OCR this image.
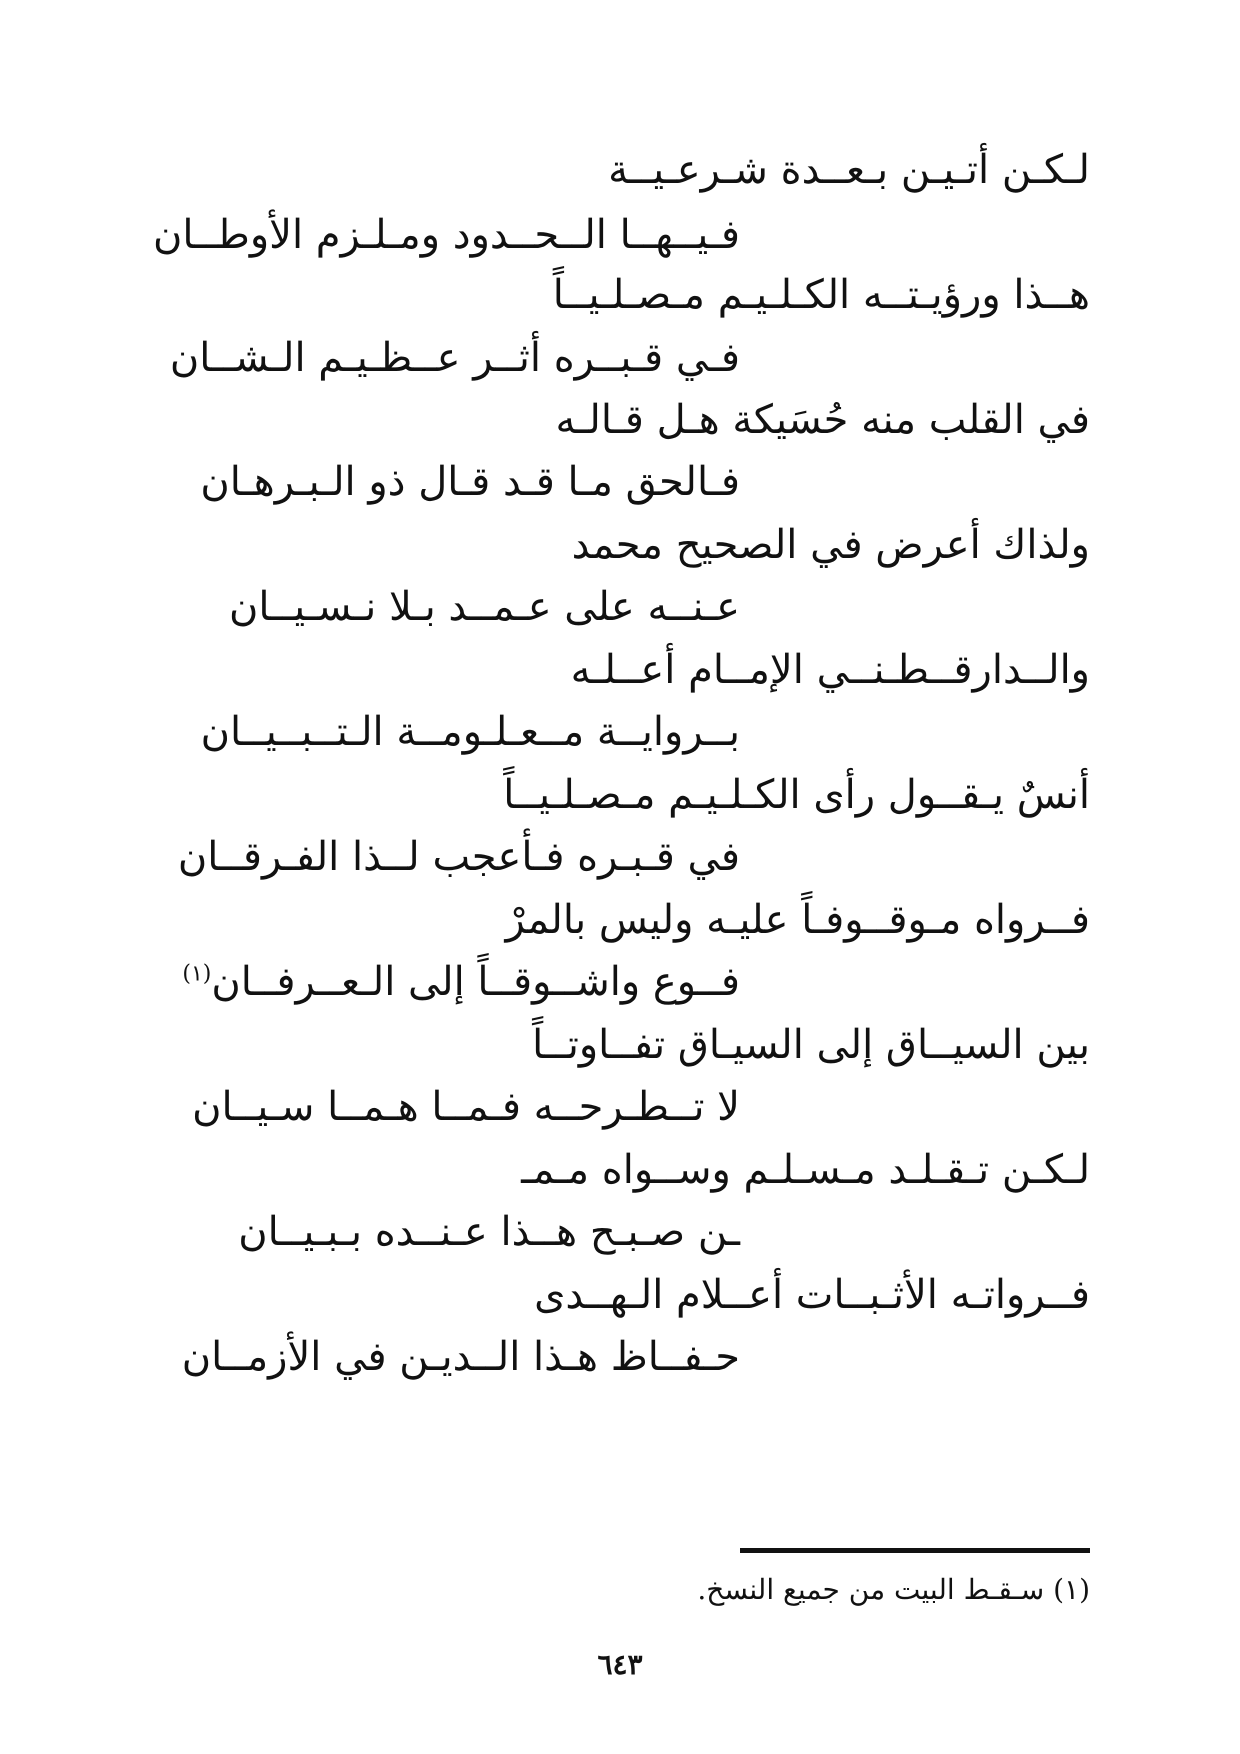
لـكـن أتـيـن بـعــدة شـرعـيــة
فـيــهــا الــحــدود ومـلـزم الأوطــان
هــذا ورؤيـتــه الكـلـيـم مـصـلـيــاً
فـي قـبــره أثــر عــظـيـم الـشــان
في القلب منه حُسَيكة هـل قـالـه
فـالحق مـا قـد قـال ذو الـبـرهـان
ولذاك أعرض في الصحيح محمد
عـنــه على عـمــد بـلا نـسـيــان
والــدارقــطـنــي الإمــام أعــلـه
بــروايــة مــعـلـومــة الـتــبــيــان
أنسٌ يـقــول رأى الكـلـيـم مـصـلـيــاً
في قـبـره فـأعجب لــذا الفـرقــان
فــرواه مـوقــوفـاً عليـه وليس بالمرْ
فــوع واشــوقــاً إلى الـعــرفــان$^{(١)}$
بين السيــاق إلى السيـاق تفــاوتــاً
لا تــطـرحــه فـمــا هـمــا سـيــان
لـكـن تـقـلـد مـسـلـم وســواه مـمـ
ـن صـبـح هــذا عـنــده بـبـيــان
فــرواتـه الأثـبــات أعــلام الـهــدى
حـفــاظ هـذا الــديـن في الأزمــان
(١) سـقـط البيت من جميع النسخ.
٦٤٣
